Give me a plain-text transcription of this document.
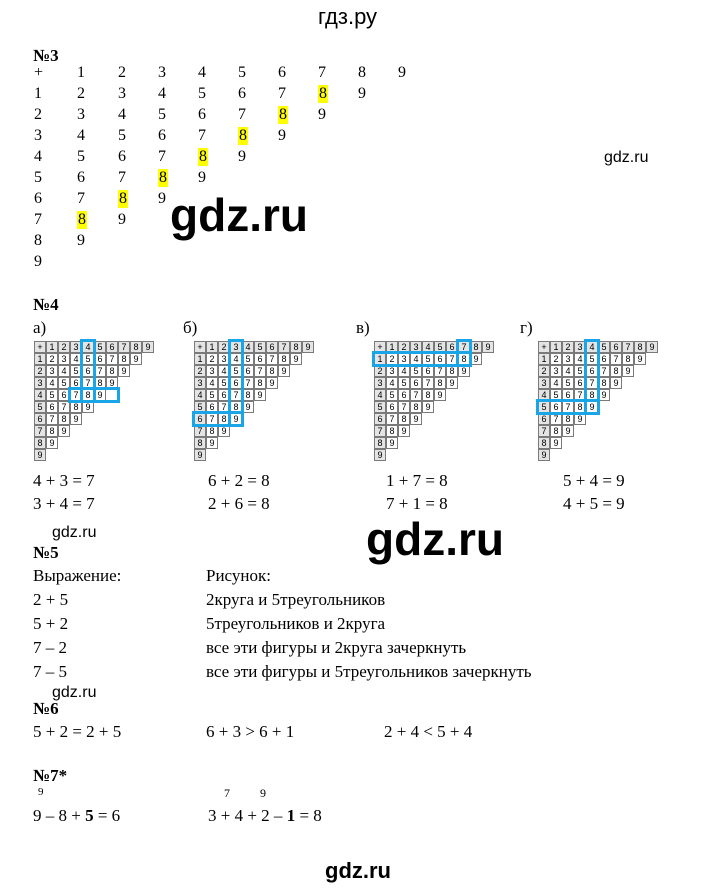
гдз.ру
№3
+	1	2	3	4	5	6	7	8	9
1	2	3	4	5	6	7	8 9
2	3	4	5	6	7	8 9
3	4	5	6	7	8 9
4	5	6	7	8 9
5	6	7	8 9
6	7	8 9
7	8 9
8	9
9
gdz.ru
gdz.ru
№4
а)	б)	в)	г)
+ 1 2 3 4 5 6 7 8 9
1 2 3 4 5 6 7 8 9
2 3 4 5 6 7 8 9
3 4 5 6 7 8 9
4 5 6 7 8 9
5 6 7 8 9
6 7 8 9
7 8 9
8 9
9
+ 1 2 3 4 5 6 7 8 9
1 2 3 4 5 6 7 8 9
2 3 4 5 6 7 8 9
3 4 5 6 7 8 9
4 5 6 7 8 9
5 6 7 8 9
6 7 8 9
7 8 9
8 9
9
+ 1 2 3 4 5 6 7 8 9
1 2 3 4 5 6 7 8 9
2 3 4 5 6 7 8 9
3 4 5 6 7 8 9
4 5 6 7 8 9
5 6 7 8 9
6 7 8 9
7 8 9
8 9
9
+ 1 2 3 4 5 6 7 8 9
1 2 3 4 5 6 7 8 9
2 3 4 5 6 7 8 9
3 4 5 6 7 8 9
4 5 6 7 8 9
5 6 7 8 9
6 7 8 9
7 8 9
8 9
9
4 + 3 = 7
3 + 4 = 7
6 + 2 = 8
2 + 6 = 8
1 + 7 = 8
7 + 1 = 8
5 + 4 = 9
4 + 5 = 9
gdz.ru	gdz.ru
№5
Выражение:	Рисунок:
2 + 5	2круга и 5треугольников
5 + 2	5треугольников и 2круга
7 – 2	все эти фигуры и 2круга зачеркнуть
7 – 5	все эти фигуры и 5треугольников зачеркнуть
gdz.ru
№6
5 + 2 = 2 + 5	6 + 3 > 6 + 1	2 + 4 < 5 + 4
№7*
9
9 – 8 + 5 = 6
7	9
3 + 4 + 2 – 1 = 8
gdz.ru
